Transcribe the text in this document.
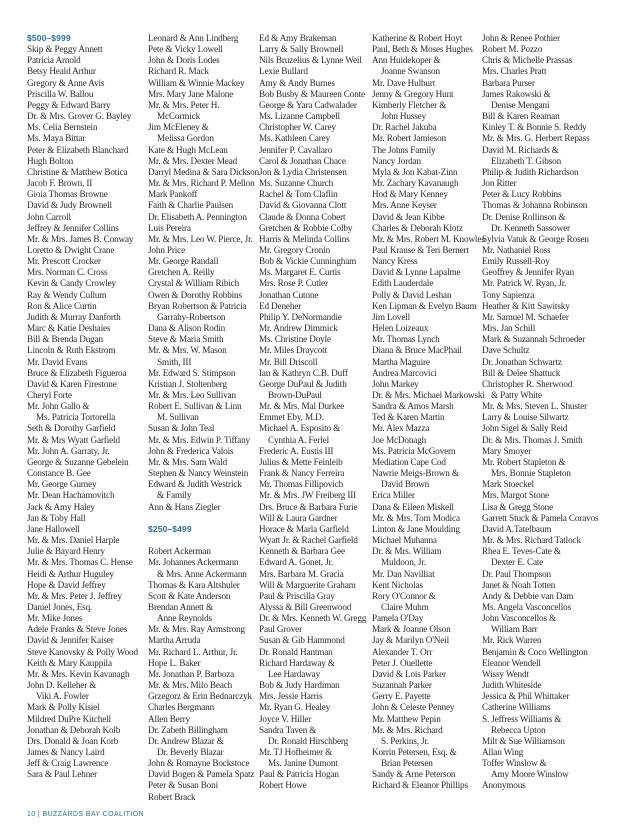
$500–$999
Skip & Peggy Annett
Patricia Arnold
Betsy Heald Arthur
Gregory & Anne Avis
Priscilla W. Ballou
Peggy & Edward Barry
Dr. & Mrs. Grover G. Bayley
Ms. Celia Bernstein
Ms. Maya Bittar
Peter & Elizabeth Blanchard
Hugh Bolton
Christine & Matthew Botica
Jacob F. Brown, II
Gioia Thomas Browne
David & Judy Brownell
John Carroll
Jeffrey & Jennifer Collins
Mr. & Mrs. James B. Conway
Loretto & Dwight Crane
Mr. Prescott Crocker
Mrs. Norman C. Cross
Kevin & Candy Crowley
Ray & Wendy Cullum
Ron & Alice Curtin
Judith & Murray Danforth
Marc & Katie Deshaies
Bill & Brenda Dugan
Lincoln & Ruth Ekstrom
Mr. David Evans
Bruce & Elizabeth Figueroa
David & Karen Firestone
Cheryl Forte
Mr. John Gallo &
Ms. Patricia Tortorella
Seth & Dorothy Garfield
Mr. & Mrs Wyatt Garfield
Mr. John A. Garraty, Jr.
George & Suzanne Gebelein
Constance B. Gee
Mr. George Gurney
Mr. Dean Hachamovitch
Jack & Amy Haley
Jan & Toby Hall
Jane Hallowell
Mr. & Mrs. Daniel Harple
Julie & Bayard Henry
Mr. & Mrs. Thomas C. Hense
Heidi & Arthur Huguley
Hope & David Jeffrey
Mr. & Mrs. Peter J. Jeffrey
Daniel Jones, Esq.
Mr. Mike Jones
Adele Franks & Steve Jones
David & Jennifer Kaiser
Steve Kanovsky & Polly Wood
Keith & Mary Kauppila
Mr. & Mrs. Kevin Kavanagh
John D. Kelleher &
Viki A. Fowler
Mark & Polly Kisiel
Mildred DuPre Kitchell
Jonathan & Deborah Kolb
Drs. Donald & Joan Korb
James & Nancy Laird
Jeff & Craig Lawrence
Sara & Paul Lehner
Leonard & Ann Lindberg
Pete & Vicky Lowell
John & Doris Lodes
Richard R. Mack
William & Winnie Mackey
Mrs. Mary Jane Malone
Mr. & Mrs. Peter H.
McCormick
Jim McEleney &
Melissa Gordon
Kate & Hugh McLean
Mr. & Mrs. Dexter Mead
Darryl Medina & Sara Dickson
Mr. & Mrs. Richard P. Mellon
Mark Pankoff
Faith & Charlie Paulsen
Dr. Elisabeth A. Pennington
Luis Pereira
Mr. & Mrs. Leo W. Pierce, Jr.
John Price
Mr. George Randall
Gretchen A. Reilly
Crystal & William Ribich
Owen & Dorothy Robbins
Bryan Robertson & Patricia
Garrahy-Robertson
Dana & Alison Rodin
Steve & Maria Smith
Mr. & Mrs. W. Mason
Smith, III
Mr. Edward S. Stimpson
Kristian J. Stoltenberg
Mr. & Mrs. Leo Sullivan
Robert E. Sullivan & Linn
M. Sullivan
Susan & John Teal
Mr. & Mrs. Edwin P. Tiffany
John & Frederica Valois
Mr. & Mrs. Sam Wald
Stephen & Nancy Weinstein
Edward & Judith Westrick
& Family
Ann & Hans Ziegler
$250–$499
Robert Ackerman
Mr. Johannes Ackermann
& Mrs. Anne Ackermann
Thomas & Kara Altshuler
Scott & Kate Anderson
Brendan Annett &
Anne Reynolds
Mr. & Mrs. Ray Armstrong
Martha Arruda
Mr. Richard L. Arthur, Jr.
Hope L. Baker
Mr. Jonathan P. Barboza
Mr. & Mrs. Milo Beach
Grzegorz & Erin Bednarczyk
Charles Bergmann
Allen Berry
Dr. Zabeth Billingham
Dr. Andrew Blazar &
Dr. Beverly Blazar
John & Romayne Bockstoce
David Bogen & Pamela Spatz
Peter & Susan Boni
Robert Brack
Ed & Amy Brakeman
Larry & Sally Brownell
Nils Bruzelius & Lynne Weil
Lexie Bullard
Amy & Andy Burnes
Bob Busby & Maureen Conte
George & Yara Cadwalader
Ms. Lizanne Campbell
Christopher W. Carey
Ms. Kathleen Carey
Jennifer P. Cavallaro
Carol & Jonathan Chace
Jon & Lydia Christensen
Ms. Suzanne Church
Rachel & Tom Claflin
David & Giovanna Clott
Claude & Donna Cobert
Gretchen & Robbie Colby
Harris & Melinda Collins
Mr. Gregory Cronin
Bob & Vickie Cunningham
Ms. Margaret E. Curtis
Mrs. Rose P. Cutler
Jonathan Cutone
Ed Deneher
Philip Y. DeNormandie
Mr. Andrew Dimmick
Ms. Christine Doyle
Mr. Miles Draycott
Mr. Bill Driscoll
Ian & Kathryn C.B. Duff
George DuPaul & Judith
Brown-DuPaul
Mr. & Mrs. Mal Durkee
Emmet Eby, M.D.
Michael A. Esposito &
Cynthia A. Ferlel
Frederic A. Eustis III
Julius & Mette Feinleib
Frank & Nancy Ferreira
Mr. Thomas Fillipovich
Mr. & Mrs. JW Freiberg III
Drs. Bruce & Barbara Furie
Will & Laura Gardner
Horace & Marla Garfield
Wyatt Jr. & Rachel Garfield
Kenneth & Barbara Gee
Edward A. Gonet, Jr.
Mrs. Barbara M. Gracia
Will & Marguerite Graham
Paul & Priscilla Gray
Alyssa & Bill Greenwood
Dr. & Mrs. Kenneth W. Gregg
Paul Grover
Susan & Gib Hammond
Dr. Ronald Hantman
Richard Hardaway &
Lee Hardaway
Bob & Judy Hardiman
Mrs. Jessie Harris
Mr. Ryan G. Healey
Joyce V. Hiller
Sandra Taven &
Dr. Ronald Hirschberg
Mr. TJ Hofheimer &
Ms. Janine Dumont
Paul & Patricia Hogan
Robert Howe
Katherine & Robert Hoyt
Paul, Beth & Moses Hughes
Ann Huidekoper &
Joanne Swanson
Mr. Dave Hulburt
Jenny & Gregory Hunt
Kimberly Fletcher &
John Hussey
Dr. Rachel Jakuba
Mr. Robert Jamieson
The Johns Family
Nancy Jordan
Myla & Jon Kabat-Zinn
Mr. Zachary Kavanaugh
Hod & Mary Kenney
Mrs. Anne Keyser
David & Jean Kibbe
Charles & Deborah Klotz
Mr. & Mrs. Robert M. Knowles
Paul Krause & Teri Bernert
Nancy Kress
David & Lynne Lapalme
Edith Lauderdale
Polly & David Leshan
Ken Lipman & Evelyn Baum
Jim Lovell
Helen Loizeaux
Mr. Thomas Lynch
Diana & Bruce MacPhail
Martha Maguire
Andrea Marcovici
John Markey
Dr. & Mrs. Michael Markowski
Sandra & Amos Marsh
Ted & Karen Martin
Mr. Alex Mazza
Joe McDonagh
Ms. Patricia McGovern
Mediation Cape Cod
Nawrie Meigs-Brown &
David Brown
Erica Miller
Dana & Eileen Miskell
Mr. & Mrs. Tom Modica
Linton & Jane Moulding
Michael Muhanna
Dr. & Mrs. William
Muldoon, Jr.
Mr. Dan Navilliat
Kent Nicholas
Rory O'Connor &
Claire Muhm
Pamela O'Day
Mark & Joanne Olson
Jay & Marilyn O'Neil
Alexander T. Orr
Peter J. Ouellette
David & Lois Parker
Suzannah Parker
Gerry E. Payette
John & Celeste Penney
Mr. Matthew Pepin
Mr. & Mrs. Richard
S. Perkins, Jr.
Korrin Petersen, Esq. &
Brian Petersen
Sandy & Arne Peterson
Richard & Eleanor Phillips
John & Renee Pothier
Robert M. Pozzo
Chris & Michelle Prassas
Mrs. Charles Pratt
Barbara Purser
James Rakowski &
Denise Mengani
Bill & Karen Reaman
Kinley T. & Bonnie S. Reddy
Mr. & Mrs. G. Herbert Repass
David M. Richards &
Elizabeth T. Gibson
Philip & Judith Richardson
Jon Ritter
Peter & Lucy Robbins
Thomas & Johanna Robinson
Dr. Denise Rollinson &
Dr. Kenneth Sassower
Sylvia Vatuk & George Rosen
Mr. Nathaniel Ross
Emily Russell-Roy
Geoffrey & Jennifer Ryan
Mr. Patrick W. Ryan, Jr.
Tony Sapienza
Heather & Kitt Sawitsky
Mr. Samuel M. Schaefer
Mrs. Jan Schill
Mark & Suzannah Schroeder
Dave Schultz
Dr. Jonathan Schwartz
Bill & Delee Shattuck
Christopher R. Sherwood
& Patty White
Mr. & Mrs. Steven L. Shuster
Larry & Louise Silwartz
John Sigel & Sally Reid
Dr. & Mrs. Thomas J. Smith
Mary Smoyer
Mr. Robert Stapleton &
Mrs. Bonnie Stapleton
Mark Stoeckel
Mrs. Margot Stone
Lisa & Gregg Stone
Garrett Stuck & Pamela Coravos
David A.Tatelbaum
Mr. & Mrs. Richard Tatlock
Rhea E. Teves-Cate &
Dexter E. Cate
Dr. Paul Thompson
Janet & Noah Totten
Andy & Debbie van Dam
Ms. Angela Vasconcellos
John Vasconcellos &
William Barr
Mr. Rick Warren
Benjamin & Coco Wellington
Eleanor Wendell
Wissy Wendt
Judith Whiteside
Jessica & Phil Whittaker
Catherine Williams
S. Jeffress Williams &
Rebecca Upton
Milt & Sue Williamson
Allan Wing
Toffer Winslow &
Amy Moore Winslow
Anonymous
10 | BUZZARDS BAY COALITION
